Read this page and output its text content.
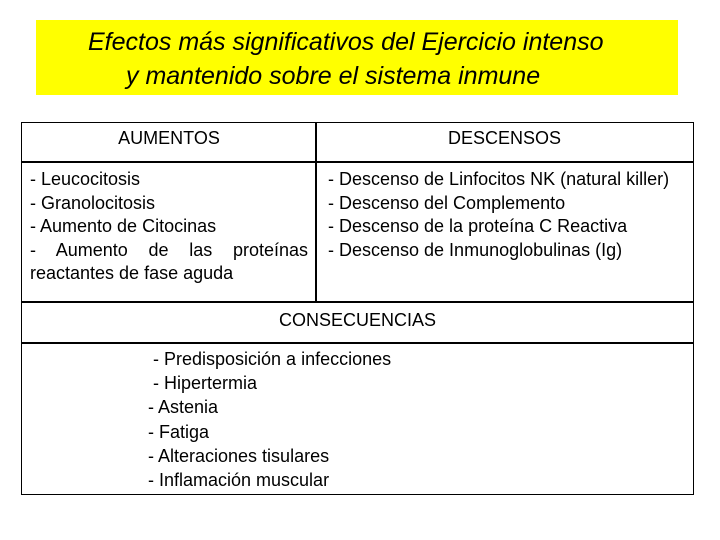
Efectos más significativos del Ejercicio intenso
y mantenido sobre el sistema inmune
AUMENTOS	DESCENSOS
- Leucocitosis
- Granolocitosis
- Aumento de Citocinas
- Aumento de las proteínas reactantes de fase aguda
- Descenso de Linfocitos NK (natural killer)
- Descenso del Complemento
- Descenso de la proteína C Reactiva
- Descenso de Inmunoglobulinas (Ig)
CONSECUENCIAS
- Predisposición a infecciones
- Hipertermia
- Astenia
- Fatiga
- Alteraciones tisulares
- Inflamación muscular
